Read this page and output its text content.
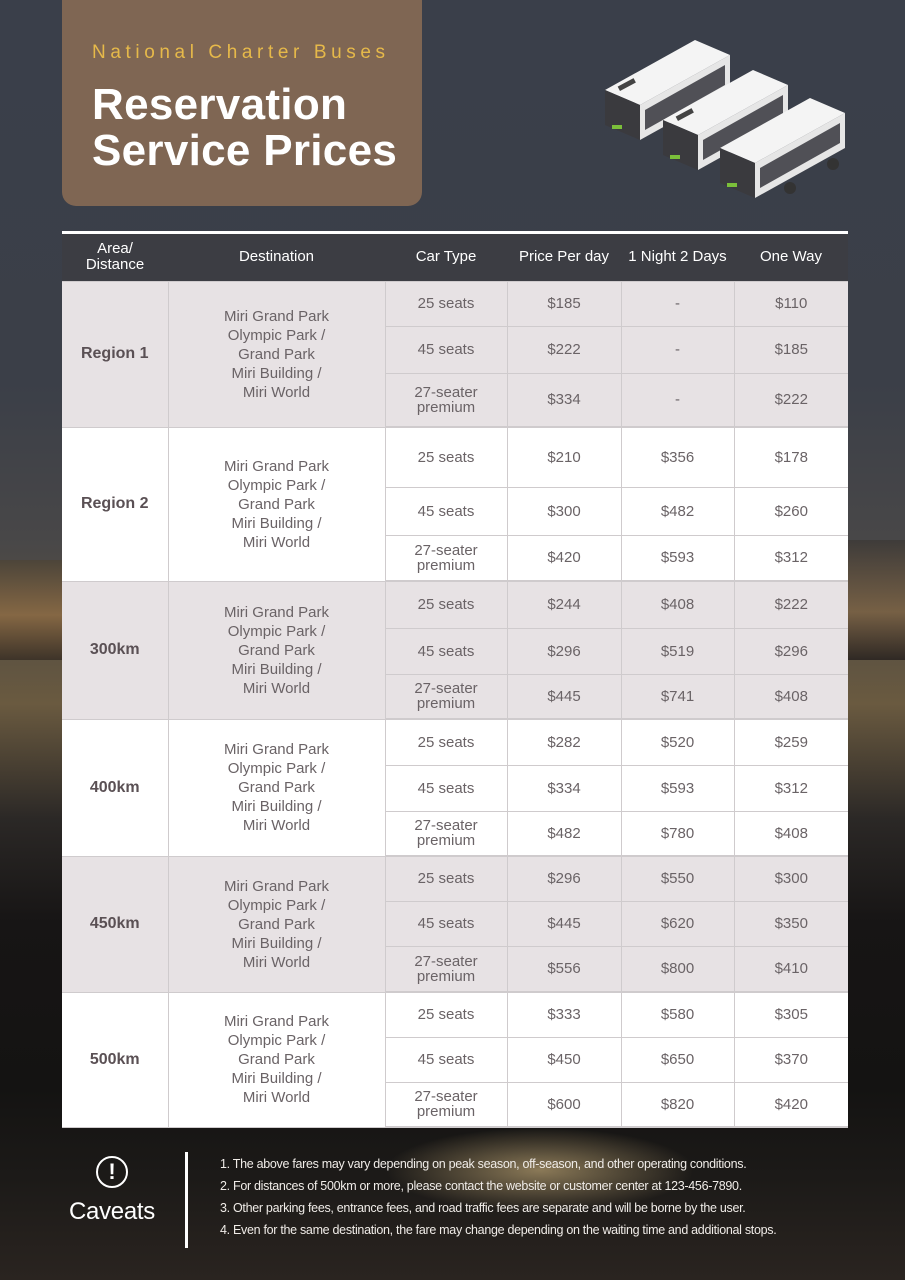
National Charter Buses
Reservation
Service Prices
Area/
Distance	Destination	Car Type	Price Per day	1 Night 2 Days	One Way
Region 1	Miri Grand Park
Olympic Park /
Grand Park
Miri Building /
Miri World	25 seats	$185	-	$110
		45 seats	$222	-	$185
		27-seater
premium	$334	-	$222
Region 2	Miri Grand Park
Olympic Park /
Grand Park
Miri Building /
Miri World	25 seats	$210	$356	$178
		45 seats	$300	$482	$260
		27-seater
premium	$420	$593	$312
300km	Miri Grand Park
Olympic Park /
Grand Park
Miri Building /
Miri World	25 seats	$244	$408	$222
		45 seats	$296	$519	$296
		27-seater
premium	$445	$741	$408
400km	Miri Grand Park
Olympic Park /
Grand Park
Miri Building /
Miri World	25 seats	$282	$520	$259
		45 seats	$334	$593	$312
		27-seater
premium	$482	$780	$408
450km	Miri Grand Park
Olympic Park /
Grand Park
Miri Building /
Miri World	25 seats	$296	$550	$300
		45 seats	$445	$620	$350
		27-seater
premium	$556	$800	$410
500km	Miri Grand Park
Olympic Park /
Grand Park
Miri Building /
Miri World	25 seats	$333	$580	$305
		45 seats	$450	$650	$370
		27-seater
premium	$600	$820	$420
!
Caveats
1. The above fares may vary depending on peak season, off-season, and other operating conditions.
2. For distances of 500km or more, please contact the website or customer center at 123-456-7890.
3. Other parking fees, entrance fees, and road traffic fees are separate and will be borne by the user.
4. Even for the same destination, the fare may change depending on the waiting time and additional stops.
